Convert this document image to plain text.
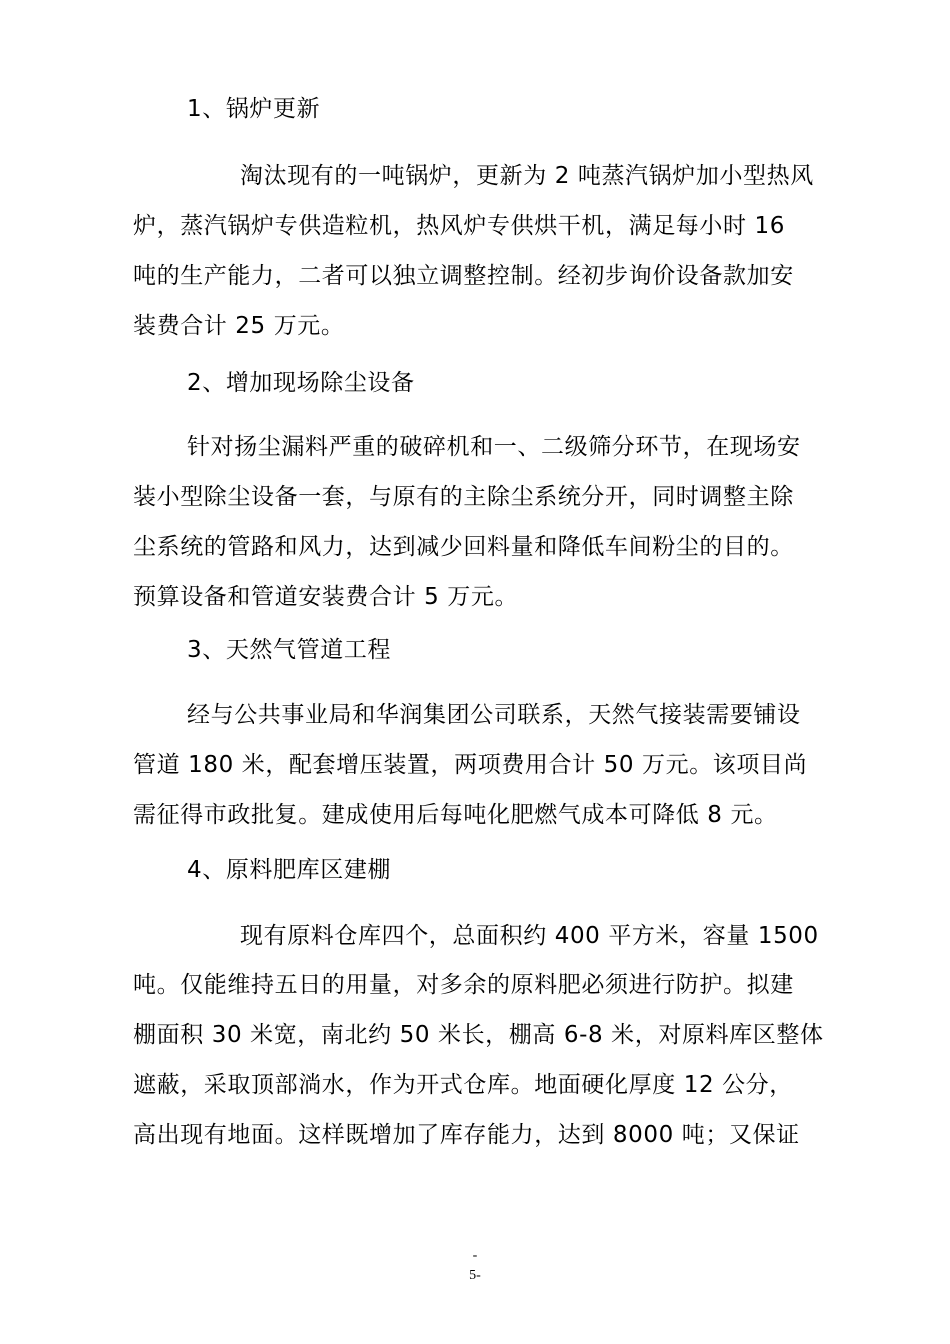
1、锅炉更新
淘汰现有的一吨锅炉，更新为 2 吨蒸汽锅炉加小型热风
炉，蒸汽锅炉专供造粒机，热风炉专供烘干机，满足每小时 16
吨的生产能力，二者可以独立调整控制。经初步询价设备款加安
装费合计 25 万元。
2、增加现场除尘设备
针对扬尘漏料严重的破碎机和一、二级筛分环节，在现场安
装小型除尘设备一套，与原有的主除尘系统分开，同时调整主除
尘系统的管路和风力，达到减少回料量和降低车间粉尘的目的。
预算设备和管道安装费合计 5 万元。
3、天然气管道工程
经与公共事业局和华润集团公司联系，天然气接装需要铺设
管道 180 米，配套增压装置，两项费用合计 50 万元。该项目尚
需征得市政批复。建成使用后每吨化肥燃气成本可降低 8 元。
4、原料肥库区建棚
现有原料仓库四个，总面积约 400 平方米，容量 1500
吨。仅能维持五日的用量，对多余的原料肥必须进行防护。拟建
棚面积 30 米宽，南北约 50 米长，棚高 6-8 米，对原料库区整体
遮蔽，采取顶部淌水，作为开式仓库。地面硬化厚度 12 公分，
高出现有地面。这样既增加了库存能力，达到 8000 吨；又保证
-
5-
